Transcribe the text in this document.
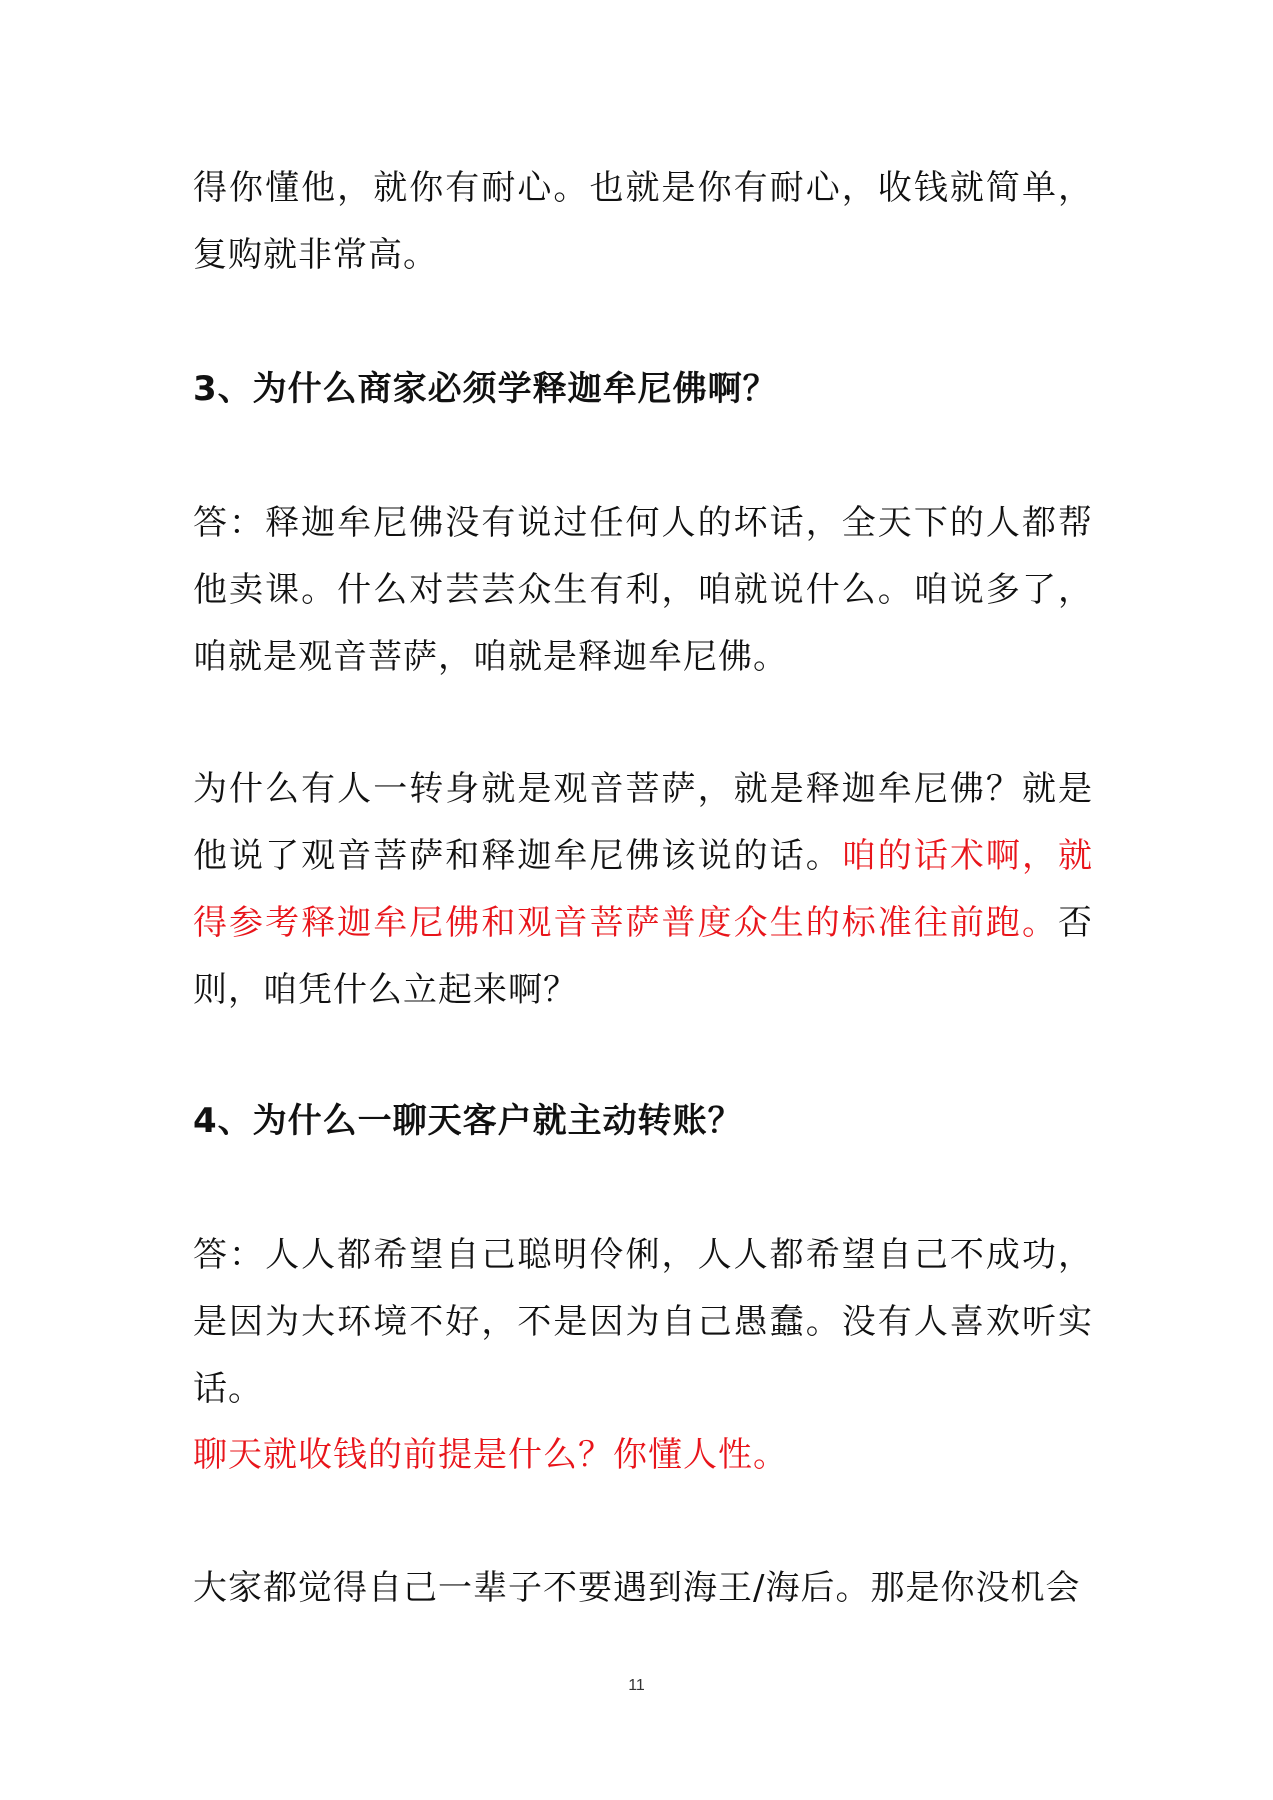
得你懂他，就你有耐心。也就是你有耐心，收钱就简单，复购就非常高。

3、为什么商家必须学释迦牟尼佛啊？

答：释迦牟尼佛没有说过任何人的坏话，全天下的人都帮他卖课。什么对芸芸众生有利，咱就说什么。咱说多了，咱就是观音菩萨，咱就是释迦牟尼佛。

为什么有人一转身就是观音菩萨，就是释迦牟尼佛？就是他说了观音菩萨和释迦牟尼佛该说的话。咱的话术啊，就得参考释迦牟尼佛和观音菩萨普度众生的标准往前跑。否则，咱凭什么立起来啊？

4、为什么一聊天客户就主动转账？

答：人人都希望自己聪明伶俐，人人都希望自己不成功，是因为大环境不好，不是因为自己愚蠢。没有人喜欢听实话。

聊天就收钱的前提是什么？你懂人性。

大家都觉得自己一辈子不要遇到海王/海后。那是你没机会

11
